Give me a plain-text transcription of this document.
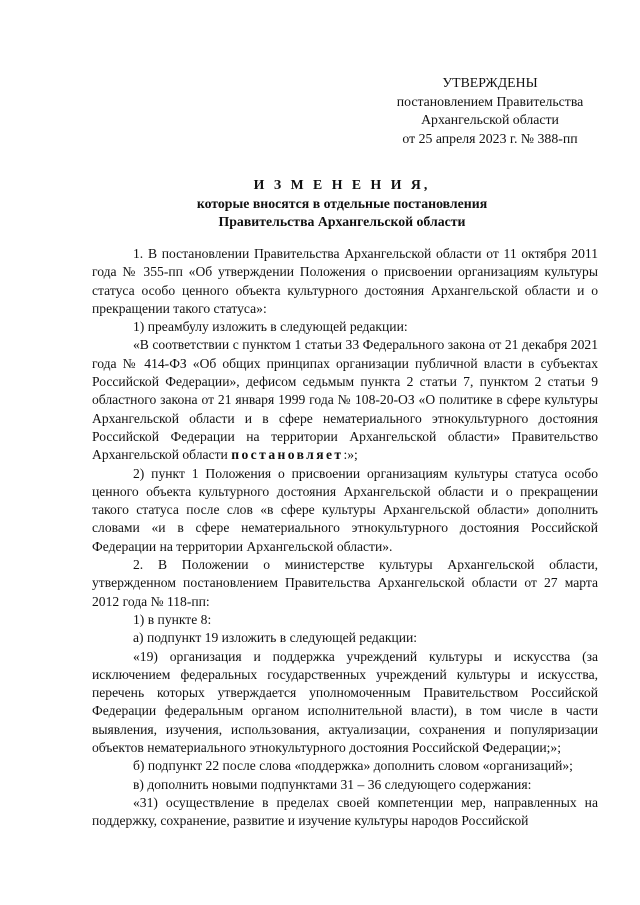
УТВЕРЖДЕНЫ
постановлением Правительства
Архангельской области
от 25 апреля 2023 г. № 388-пп
И З М Е Н Е Н И Я,
которые вносятся в отдельные постановления
Правительства Архангельской области

1. В постановлении Правительства Архангельской области от 11 октября 2011 года № 355-пп «Об утверждении Положения о присвоении организациям культуры статуса особо ценного объекта культурного достояния Архангельской области и о прекращении такого статуса»:

1) преамбулу изложить в следующей редакции:

«В соответствии с пунктом 1 статьи 33 Федерального закона от 21 декабря 2021 года № 414-ФЗ «Об общих принципах организации публичной власти в субъектах Российской Федерации», дефисом седьмым пункта 2 статьи 7, пунктом 2 статьи 9 областного закона от 21 января 1999 года № 108-20-ОЗ «О политике в сфере культуры Архангельской области и в сфере нематериального этнокультурного достояния Российской Федерации на территории Архангельской области» Правительство Архангельской области постановляет:»;

2) пункт 1 Положения о присвоении организациям культуры статуса особо ценного объекта культурного достояния Архангельской области и о прекращении такого статуса после слов «в сфере культуры Архангельской области» дополнить словами «и в сфере нематериального этнокультурного достояния Российской Федерации на территории Архангельской области».

2. В Положении о министерстве культуры Архангельской области, утвержденном постановлением Правительства Архангельской области от 27 марта 2012 года № 118-пп:

1) в пункте 8:

а) подпункт 19 изложить в следующей редакции:

«19) организация и поддержка учреждений культуры и искусства (за исключением федеральных государственных учреждений культуры и искусства, перечень которых утверждается уполномоченным Правительством Российской Федерации федеральным органом исполнительной власти), в том числе в части выявления, изучения, использования, актуализации, сохранения и популяризации объектов нематериального этнокультурного достояния Российской Федерации;»;

б) подпункт 22 после слова «поддержка» дополнить словом «организаций»;

в) дополнить новыми подпунктами 31 – 36 следующего содержания:

«31) осуществление в пределах своей компетенции мер, направленных на поддержку, сохранение, развитие и изучение культуры народов Российской
